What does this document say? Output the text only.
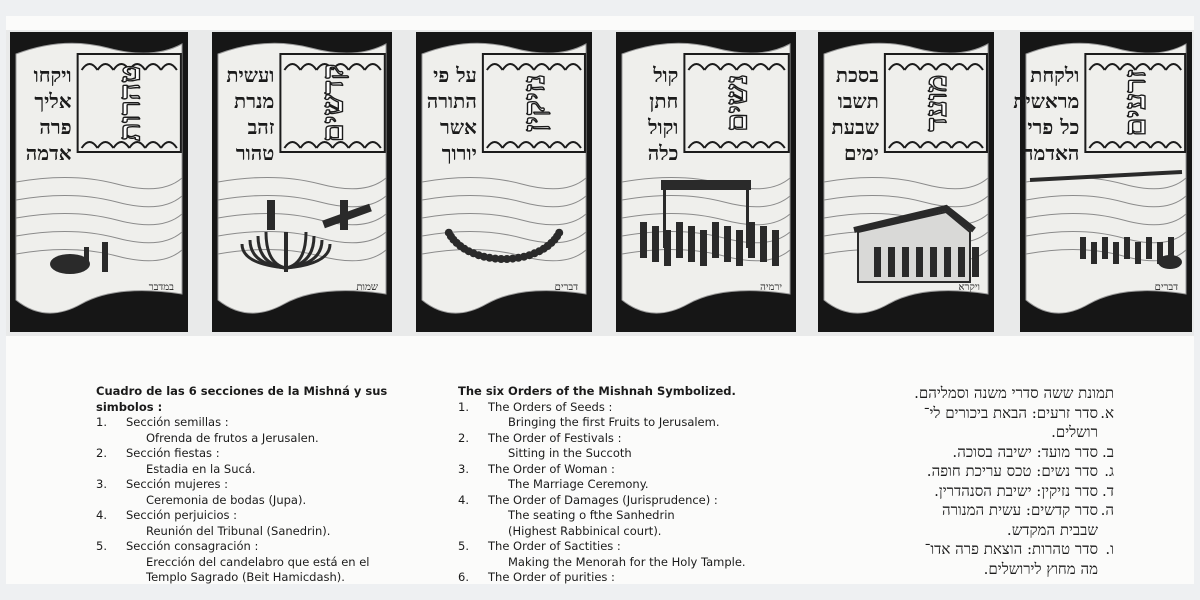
טהרות
ויקחו
אליך
פרה
אדמה
במדבר
קדשים
ועשית
מנרת
זהב
טהור
שמות
נזיקין
על פי
התורה
אשר
יורוך
דברים
נשים
קול
חתן
וקול
כלה
ירמיה
מועד
בסכת
תשבו
שבעת
ימים
ויקרא
זרעים
ולקחת
מראשית
כל פרי
האדמה
דברים
Cuadro de las 6 secciones de la Mishná y sus
simbolos :
1.	Sección semillas :
Ofrenda de frutos a Jerusalen.
2.	Sección fiestas :
Estadia en la Sucá.
3.	Sección mujeres :
Ceremonia de bodas (Jupa).
4.	Sección perjuicios :
Reunión del Tribunal (Sanedrin).
5.	Sección consagración :
Erección del candelabro que está en el
Templo Sagrado (Beit Hamicdash).
The six Orders of the Mishnah Symbolized.
1.	The Orders of Seeds :
Bringing the first Fruits to Jerusalem.
2.	The Order of Festivals :
Sitting in the Succoth
3.	The Order of Woman :
The Marriage Ceremony.
4.	The Order of Damages (Jurisprudence) :
The seating o fthe Sanhedrin
(Highest Rabbinical court).
5.	The Order of Sactities :
Making the Menorah for the Holy Tample.
6.	The Order of purities :
תמונת ששה סדרי משנה וסמליהם.
א.
סדר זרעים: הבאת ביכורים לי־
רושלים.
ב.
סדר מועד: ישיבה בסוכה.
ג.
סדר נשים: טכס עריכת חופה.
ד.
סדר נזיקין: ישיבת הסנהדרין.
ה.
סדר קדשים: עשית המנורה
שבבית המקדש.
ו.
סדר טהרות: הוצאת פרה אדו־
מה מחוץ לירושלים.
